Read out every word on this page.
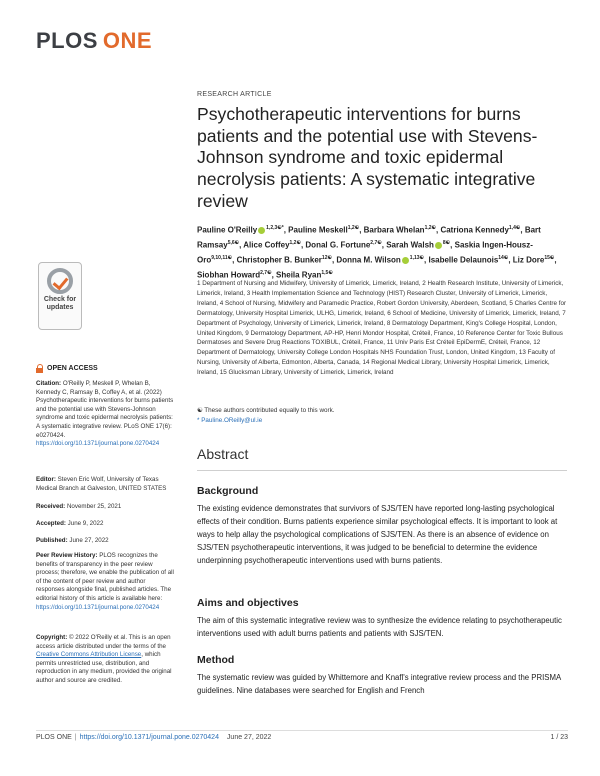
PLOS ONE
Check for
updates
OPEN ACCESS
Citation: O'Reilly P, Meskell P, Whelan B, Kennedy C, Ramsay B, Coffey A, et al. (2022) Psychotherapeutic interventions for burns patients and the potential use with Stevens-Johnson syndrome and toxic epidermal necrolysis patients: A systematic integrative review. PLoS ONE 17(6): e0270424. https://doi.org/10.1371/journal.pone.0270424
Editor: Steven Eric Wolf, University of Texas Medical Branch at Galveston, UNITED STATES
Received: November 25, 2021
Accepted: June 9, 2022
Published: June 27, 2022
Peer Review History: PLOS recognizes the benefits of transparency in the peer review process; therefore, we enable the publication of all of the content of peer review and author responses alongside final, published articles. The editorial history of this article is available here: https://doi.org/10.1371/journal.pone.0270424
Copyright: © 2022 O'Reilly et al. This is an open access article distributed under the terms of the Creative Commons Attribution License, which permits unrestricted use, distribution, and reproduction in any medium, provided the original author and source are credited.
RESEARCH ARTICLE
Psychotherapeutic interventions for burns patients and the potential use with Stevens-Johnson syndrome and toxic epidermal necrolysis patients: A systematic integrative review
Pauline O'Reilly $^{1,2,3☯*}$, Pauline Meskell$^{1,2☯}$, Barbara Whelan$^{1,2☯}$, Catriona Kennedy$^{1,4☯}$, Bart Ramsay$^{5,6☯}$, Alice Coffey$^{1,2☯}$, Donal G. Fortune$^{2,7☯}$, Sarah Walsh $^{8☯}$, Saskia Ingen-Housz-Oro$^{9,10,11☯}$, Christopher B. Bunker$^{12☯}$, Donna M. Wilson $^{1,13☯}$, Isabelle Delaunois$^{14☯}$, Liz Dore$^{15☯}$, Siobhan Howard$^{2,7☯}$, Sheila Ryan$^{1,5☯}$
1 Department of Nursing and Midwifery, University of Limerick, Limerick, Ireland, 2 Health Research Institute, University of Limerick, Limerick, Ireland, 3 Health Implementation Science and Technology (HIST) Research Cluster, University of Limerick, Limerick, Ireland, 4 School of Nursing, Midwifery and Paramedic Practice, Robert Gordon University, Aberdeen, Scotland, 5 Charles Centre for Dermatology, University Hospital Limerick, ULHG, Limerick, Ireland, 6 School of Medicine, University of Limerick, Limerick, Ireland, 7 Department of Psychology, University of Limerick, Limerick, Ireland, 8 Dermatology Department, King's College Hospital, London, United Kingdom, 9 Dermatology Department, AP-HP, Henri Mondor Hospital, Créteil, France, 10 Reference Center for Toxic Bullous Dermatoses and Severe Drug Reactions TOXIBUL, Créteil, France, 11 Univ Paris Est Créteil EpiDermE, Créteil, France, 12 Department of Dermatology, University College London Hospitals NHS Foundation Trust, London, United Kingdom, 13 Faculty of Nursing, University of Alberta, Edmonton, Alberta, Canada, 14 Regional Medical Library, University Hospital Limerick, Limerick, Ireland, 15 Glucksman Library, University of Limerick, Limerick, Ireland
☯ These authors contributed equally to this work.
* Pauline.OReilly@ul.ie
Abstract
Background
The existing evidence demonstrates that survivors of SJS/TEN have reported long-lasting psychological effects of their condition. Burns patients experience similar psychological effects. It is important to look at ways to help allay the psychological complications of SJS/TEN. As there is an absence of evidence on SJS/TEN psychotherapeutic interventions, it was judged to be beneficial to determine the evidence underpinning psychotherapeutic interventions used with burns patients.
Aims and objectives
The aim of this systematic integrative review was to synthesize the evidence relating to psychotherapeutic interventions used with adult burns patients and patients with SJS/TEN.
Method
The systematic review was guided by Whittemore and Knafl's integrative review process and the PRISMA guidelines. Nine databases were searched for English and French
PLOS ONE | https://doi.org/10.1371/journal.pone.0270424 June 27, 2022	1 / 23
